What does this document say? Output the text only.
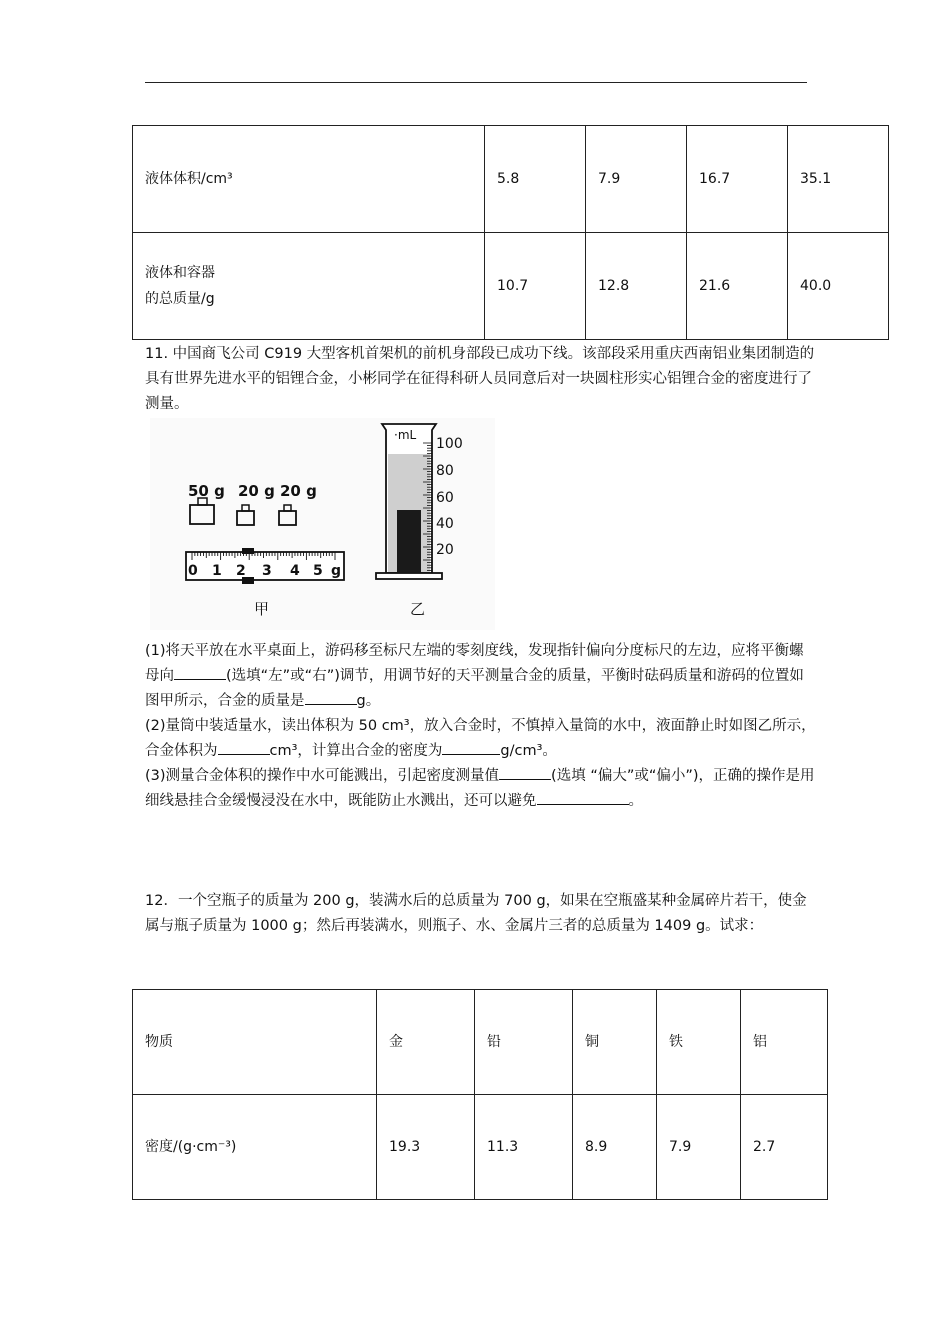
液体体积/cm³	5.8	7.9	16.7	35.1

液体和容器
的总质量/g	10.7	12.8	21.6	40.0

11. 中国商飞公司 C919 大型客机首架机的前机身部段已成功下线。该部段采用重庆西南铝业集团制造的具有世界先进水平的铝锂合金，小彬同学在征得科研人员同意后对一块圆柱形实心铝锂合金的密度进行了测量。

50 g 20 g 20 g
0 1 2 3 4 5 g
甲
·mL
100
80
60
40
20
乙

(1)将天平放在水平桌面上，游码移至标尺左端的零刻度线，发现指针偏向分度标尺的左边，应将平衡螺母向	(选填“左”或“右”)调节，用调节好的天平测量合金的质量，平衡时砝码质量和游码的位置如图甲所示，合金的质量是	g。

(2)量筒中装适量水，读出体积为 50 cm³，放入合金时，不慎掉入量筒的水中，液面静止时如图乙所示，合金体积为	cm³，计算出合金的密度为	g/cm³。

(3)测量合金体积的操作中水可能溅出，引起密度测量值	(选填 “偏大”或“偏小”)，正确的操作是用细线悬挂合金缓慢浸没在水中，既能防止水溅出，还可以避免	。

12．一个空瓶子的质量为 200 g，装满水后的总质量为 700 g，如果在空瓶盛某种金属碎片若干，使金属与瓶子质量为 1000 g；然后再装满水，则瓶子、水、金属片三者的总质量为 1409 g。试求：

物质	金	铅	铜	铁	铝
密度/(g·cm⁻³)	19.3	11.3	8.9	7.9	2.7
